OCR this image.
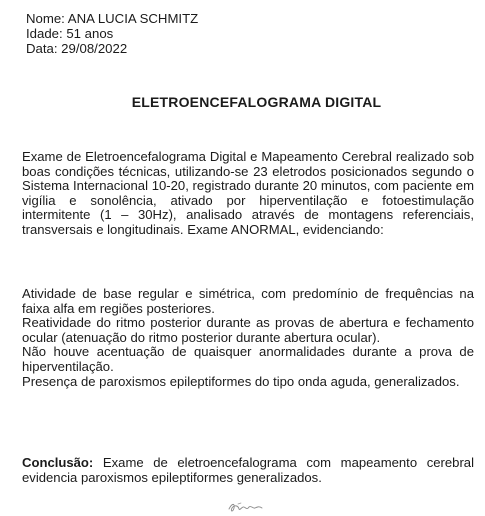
Nome: ANA LUCIA SCHMITZ
Idade: 51 anos
Data: 29/08/2022
ELETROENCEFALOGRAMA DIGITAL
Exame de Eletroencefalograma Digital e Mapeamento Cerebral realizado sob boas condições técnicas, utilizando-se 23 eletrodos posicionados segundo o Sistema Internacional 10-20, registrado durante 20 minutos, com paciente em vigília e sonolência, ativado por hiperventilação e fotoestimulação intermitente (1 – 30Hz), analisado através de montagens referenciais, transversais e longitudinais. Exame ANORMAL, evidenciando:

Atividade de base regular e simétrica, com predomínio de frequências na faixa alfa em regiões posteriores.

Reatividade do ritmo posterior durante as provas de abertura e fechamento ocular (atenuação do ritmo posterior durante abertura ocular).

Não houve acentuação de quaisquer anormalidades durante a prova de hiperventilação.

Presença de paroxismos epileptiformes do tipo onda aguda, generalizados.

Conclusão: Exame de eletroencefalograma com mapeamento cerebral evidencia paroxismos epileptiformes generalizados.
